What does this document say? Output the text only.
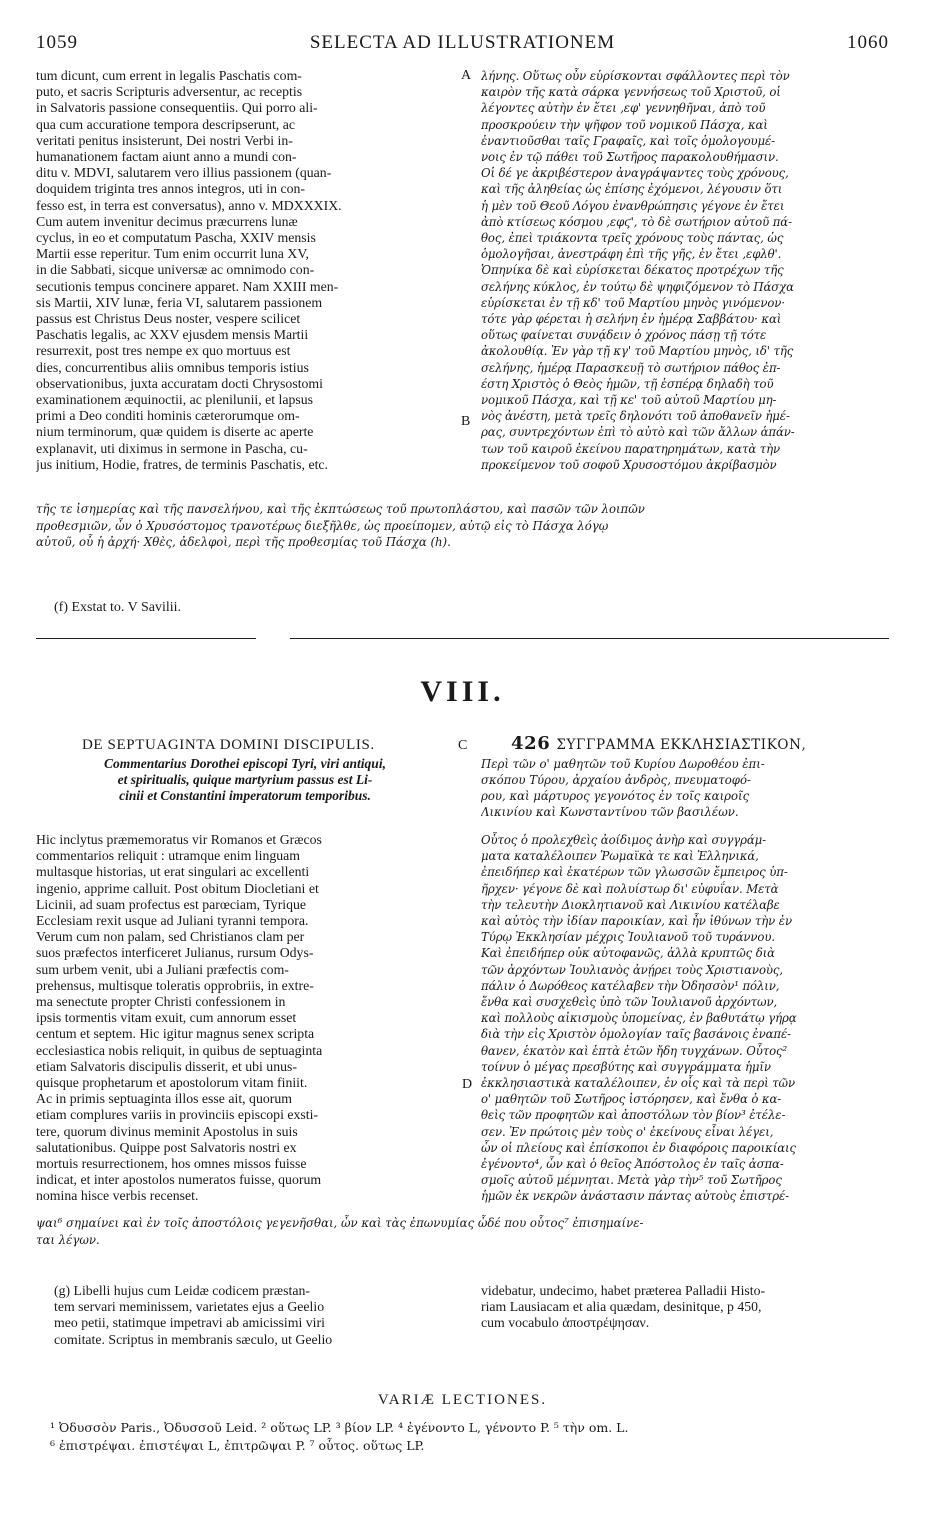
1059	SELECTA AD ILLUSTRATIONEM	1060
tum dicunt, cum errent in legalis Paschatis com-
puto, et sacris Scripturis adversentur, ac receptis
in Salvatoris passione consequentiis. Qui porro ali-
qua cum accuratione tempora descripserunt, ac
veritati penitus insisterunt, Dei nostri Verbi in-
humanationem factam aiunt anno a mundi con-
ditu v. MDVI, salutarem vero illius passionem (quan-
doquidem triginta tres annos integros, uti in con-
fesso est, in terra est conversatus), anno v. MDXXXIX.
Cum autem invenitur decimus præcurrens lunæ
cyclus, in eo et computatum Pascha, XXIV mensis
Martii esse reperitur. Tum enim occurrit luna XV,
in die Sabbati, sicque universæ ac omnimodo con-
secutionis tempus concinere apparet. Nam XXIII men-
sis Martii, XIV lunæ, feria VI, salutarem passionem
passus est Christus Deus noster, vespere scilicet
Paschatis legalis, ac XXV ejusdem mensis Martii
resurrexit, post tres nempe ex quo mortuus est
dies, concurrentibus aliis omnibus temporis istius
observationibus, juxta accuratam docti Chrysostomi
examinationem æquinoctii, ac plenilunii, et lapsus
primi a Deo conditi hominis cæterorumque om-
nium terminorum, quæ quidem is diserte ac aperte
explanavit, uti diximus in sermone in Pascha, cu-
jus initium, Hodie, fratres, de terminis Paschatis, etc.
A
B
λήνης. Οὕτως οὖν εὑρίσκονται σφάλλοντες περὶ τὸν
καιρὸν τῆς κατὰ σάρκα γεννήσεως τοῦ Χριστοῦ, οἱ
λέγοντες αὐτὴν ἐν ἔτει ,εφ' γεννηθῆναι, ἀπὸ τοῦ
προσκρούειν τὴν ψῆφον τοῦ νομικοῦ Πάσχα, καὶ
ἐναντιοῦσθαι ταῖς Γραφαῖς, καὶ τοῖς ὁμολογουμέ-
νοις ἐν τῷ πάθει τοῦ Σωτῆρος παρακολουθήμασιν.
Οἱ δέ γε ἀκριβέστερον ἀναγράψαντες τοὺς χρόνους,
καὶ τῆς ἀληθείας ὡς ἐπίσης ἐχόμενοι, λέγουσιν ὅτι
ἡ μὲν τοῦ Θεοῦ Λόγου ἐνανθρώπησις γέγονε ἐν ἔτει
ἀπὸ κτίσεως κόσμου ,εφϛ', τὸ δὲ σωτήριον αὐτοῦ πά-
θος, ἐπεὶ τριάκοντα τρεῖς χρόνους τοὺς πάντας, ὡς
ὁμολογῆσαι, ἀνεστράφη ἐπὶ τῆς γῆς, ἐν ἔτει ,εφλθ'.
Ὁπηνίκα δὲ καὶ εὑρίσκεται δέκατος προτρέχων τῆς
σελήνης κύκλος, ἐν τούτῳ δὲ ψηφιζόμενον τὸ Πάσχα
εὑρίσκεται ἐν τῇ κδ' τοῦ Μαρτίου μηνὸς γινόμενον·
τότε γὰρ φέρεται ἡ σελήνη ἐν ἡμέρᾳ Σαββάτου· καὶ
οὕτως φαίνεται συνᾴδειν ὁ χρόνος πάσῃ τῇ τότε
ἀκολουθίᾳ. Ἐν γὰρ τῇ κγ' τοῦ Μαρτίου μηνὸς, ιδ' τῆς
σελήνης, ἡμέρᾳ Παρασκευῇ τὸ σωτήριον πάθος ἐπ-
έστη Χριστὸς ὁ Θεὸς ἡμῶν, τῇ ἑσπέρᾳ δηλαδὴ τοῦ
νομικοῦ Πάσχα, καὶ τῇ κε' τοῦ αὐτοῦ Μαρτίου μη-
νὸς ἀνέστη, μετὰ τρεῖς δηλονότι τοῦ ἀποθανεῖν ἡμέ-
ρας, συντρεχόντων ἐπὶ τὸ αὐτὸ καὶ τῶν ἄλλων ἁπάν-
των τοῦ καιροῦ ἐκείνου παρατηρημάτων, κατὰ τὴν
προκείμενον τοῦ σοφοῦ Χρυσοστόμου ἀκρίβασμὸν
τῆς τε ἰσημερίας καὶ τῆς πανσελήνου, καὶ τῆς ἐκπτώσεως τοῦ πρωτοπλάστου, καὶ πασῶν τῶν λοιπῶν
προθεσμιῶν, ὧν ὁ Χρυσόστομος τρανοτέρως διεξῆλθε, ὡς προείπομεν, αὐτῷ εἰς τὸ Πάσχα λόγῳ
αὐτοῦ, οὗ ἡ ἀρχή· Χθὲς, ἀδελφοὶ, περὶ τῆς προθεσμίας τοῦ Πάσχα (h).
(f) Exstat to. V Savilii.
VIII.
DE SEPTUAGINTA DOMINI DISCIPULIS.	C 426 ΣΥΓΓΡΑΜΜΑ ΕΚΚΛΗΣΙΑΣΤΙΚΟΝ,
Commentarius Dorothei episcopi Tyri, viri antiqui,
et spiritualis, quique martyrium passus est Li-
cinii et Constantini imperatorum temporibus.
Περὶ τῶν ο' μαθητῶν τοῦ Κυρίου Δωροθέου ἐπι-
σκόπου Τύρου, ἀρχαίου ἀνδρὸς, πνευματοφό-
ρου, καὶ μάρτυρος γεγονότος ἐν τοῖς καιροῖς
Λικινίου καὶ Κωνσταντίνου τῶν βασιλέων.
Hic inclytus præmemoratus vir Romanos et Græcos
commentarios reliquit : utramque enim linguam
multasque historias, ut erat singulari ac excellenti
ingenio, apprime calluit. Post obitum Diocletiani et
Licinii, ad suam profectus est parœciam, Tyrique
Ecclesiam rexit usque ad Juliani tyranni tempora.
Verum cum non palam, sed Christianos clam per
suos præfectos interficeret Julianus, rursum Odys-
sum urbem venit, ubi a Juliani præfectis com-
prehensus, multisque toleratis opprobriis, in extre-
ma senectute propter Christi confessionem in
ipsis tormentis vitam exuit, cum annorum esset
centum et septem. Hic igitur magnus senex scripta
ecclesiastica nobis reliquit, in quibus de septuaginta
etiam Salvatoris discipulis disserit, et ubi unus-
quisque prophetarum et apostolorum vitam finiit.
Ac in primis septuaginta illos esse ait, quorum
etiam complures variis in provinciis episcopi exsti-
tere, quorum divinus meminit Apostolus in suis
salutationibus. Quippe post Salvatoris nostri ex
mortuis resurrectionem, hos omnes missos fuisse
indicat, et inter apostolos numeratos fuisse, quorum
nomina hisce verbis recenset.
D
Οὗτος ὁ προλεχθεὶς ἀοίδιμος ἀνὴρ καὶ συγγράμ-
ματα καταλέλοιπεν Ῥωμαϊκὰ τε καὶ Ἑλληνικά,
ἐπειδήπερ καὶ ἑκατέρων τῶν γλωσσῶν ἔμπειρος ὑπ-
ῆρχεν· γέγονε δὲ καὶ πολυίστωρ δι' εὐφυΐαν. Μετὰ
τὴν τελευτὴν Διοκλητιανοῦ καὶ Λικινίου κατέλαβε
καὶ αὐτὸς τὴν ἰδίαν παροικίαν, καὶ ἦν ἰθύνων τὴν ἐν
Τύρῳ Ἐκκλησίαν μέχρις Ἰουλιανοῦ τοῦ τυράννου.
Καὶ ἐπειδήπερ οὐκ αὐτοφανῶς, ἀλλὰ κρυπτῶς διὰ
τῶν ἀρχόντων Ἰουλιανὸς ἀνῄρει τοὺς Χριστιανοὺς,
πάλιν ὁ Δωρόθεος κατέλαβεν τὴν Ὀδησσὸν¹ πόλιν,
ἔνθα καὶ συσχεθεὶς ὑπὸ τῶν Ἰουλιανοῦ ἀρχόντων,
καὶ πολλοὺς αἰκισμοὺς ὑπομείνας, ἐν βαθυτάτῳ γήρᾳ
διὰ τὴν εἰς Χριστὸν ὁμολογίαν ταῖς βασάνοις ἐναπέ-
θανεν, ἑκατὸν καὶ ἑπτὰ ἐτῶν ἤδη τυγχάνων. Οὗτος²
τοίνυν ὁ μέγας πρεσβύτης καὶ συγγράμματα ἡμῖν
ἐκκλησιαστικὰ καταλέλοιπεν, ἐν οἷς καὶ τὰ περὶ τῶν
ο' μαθητῶν τοῦ Σωτῆρος ἱστόρησεν, καὶ ἔνθα ὁ κα-
θεὶς τῶν προφητῶν καὶ ἀποστόλων τὸν βίον³ ἐτέλε-
σεν. Ἐν πρώτοις μὲν τοὺς ο' ἐκείνους εἶναι λέγει,
ὧν οἱ πλείους καὶ ἐπίσκοποι ἐν διαφόροις παροικίαις
ἐγένοντο⁴, ὧν καὶ ὁ θεῖος Ἀπόστολος ἐν ταῖς ἀσπα-
σμοῖς αὐτοῦ μέμνηται. Μετὰ γὰρ τὴν⁵ τοῦ Σωτῆρος
ἡμῶν ἐκ νεκρῶν ἀνάστασιν πάντας αὐτοὺς ἐπιστρέ-
ψαι⁶ σημαίνει καὶ ἐν τοῖς ἀποστόλοις γεγενῆσθαι, ὧν καὶ τὰς ἐπωνυμίας ὧδέ που οὗτος⁷ ἐπισημαίνε-
ται λέγων.
(g) Libelli hujus cum Leidæ codicem præstan-
tem servari meminissem, varietates ejus a Geelio
meo petii, statimque impetravi ab amicissimi viri
comitate. Scriptus in membranis sæculo, ut Geelio
videbatur, undecimo, habet præterea Palladii Histo-
riam Lausiacam et alia quædam, desinitque, p 450,
cum vocabulo ἀποστρέψησαν.
VARIÆ LECTIONES.
¹ Ὀδυσσὸν Paris., Ὀδυσσοῦ Leid. ² οὕτως LP. ³ βίον LP. ⁴ ἐγένοντο L, γένοντο P. ⁵ τὴν om. L.
⁶ ἐπιστρέψαι. ἐπιστέψαι L, ἐπιτρῶψαι P. ⁷ οὗτος. οὕτως LP.
